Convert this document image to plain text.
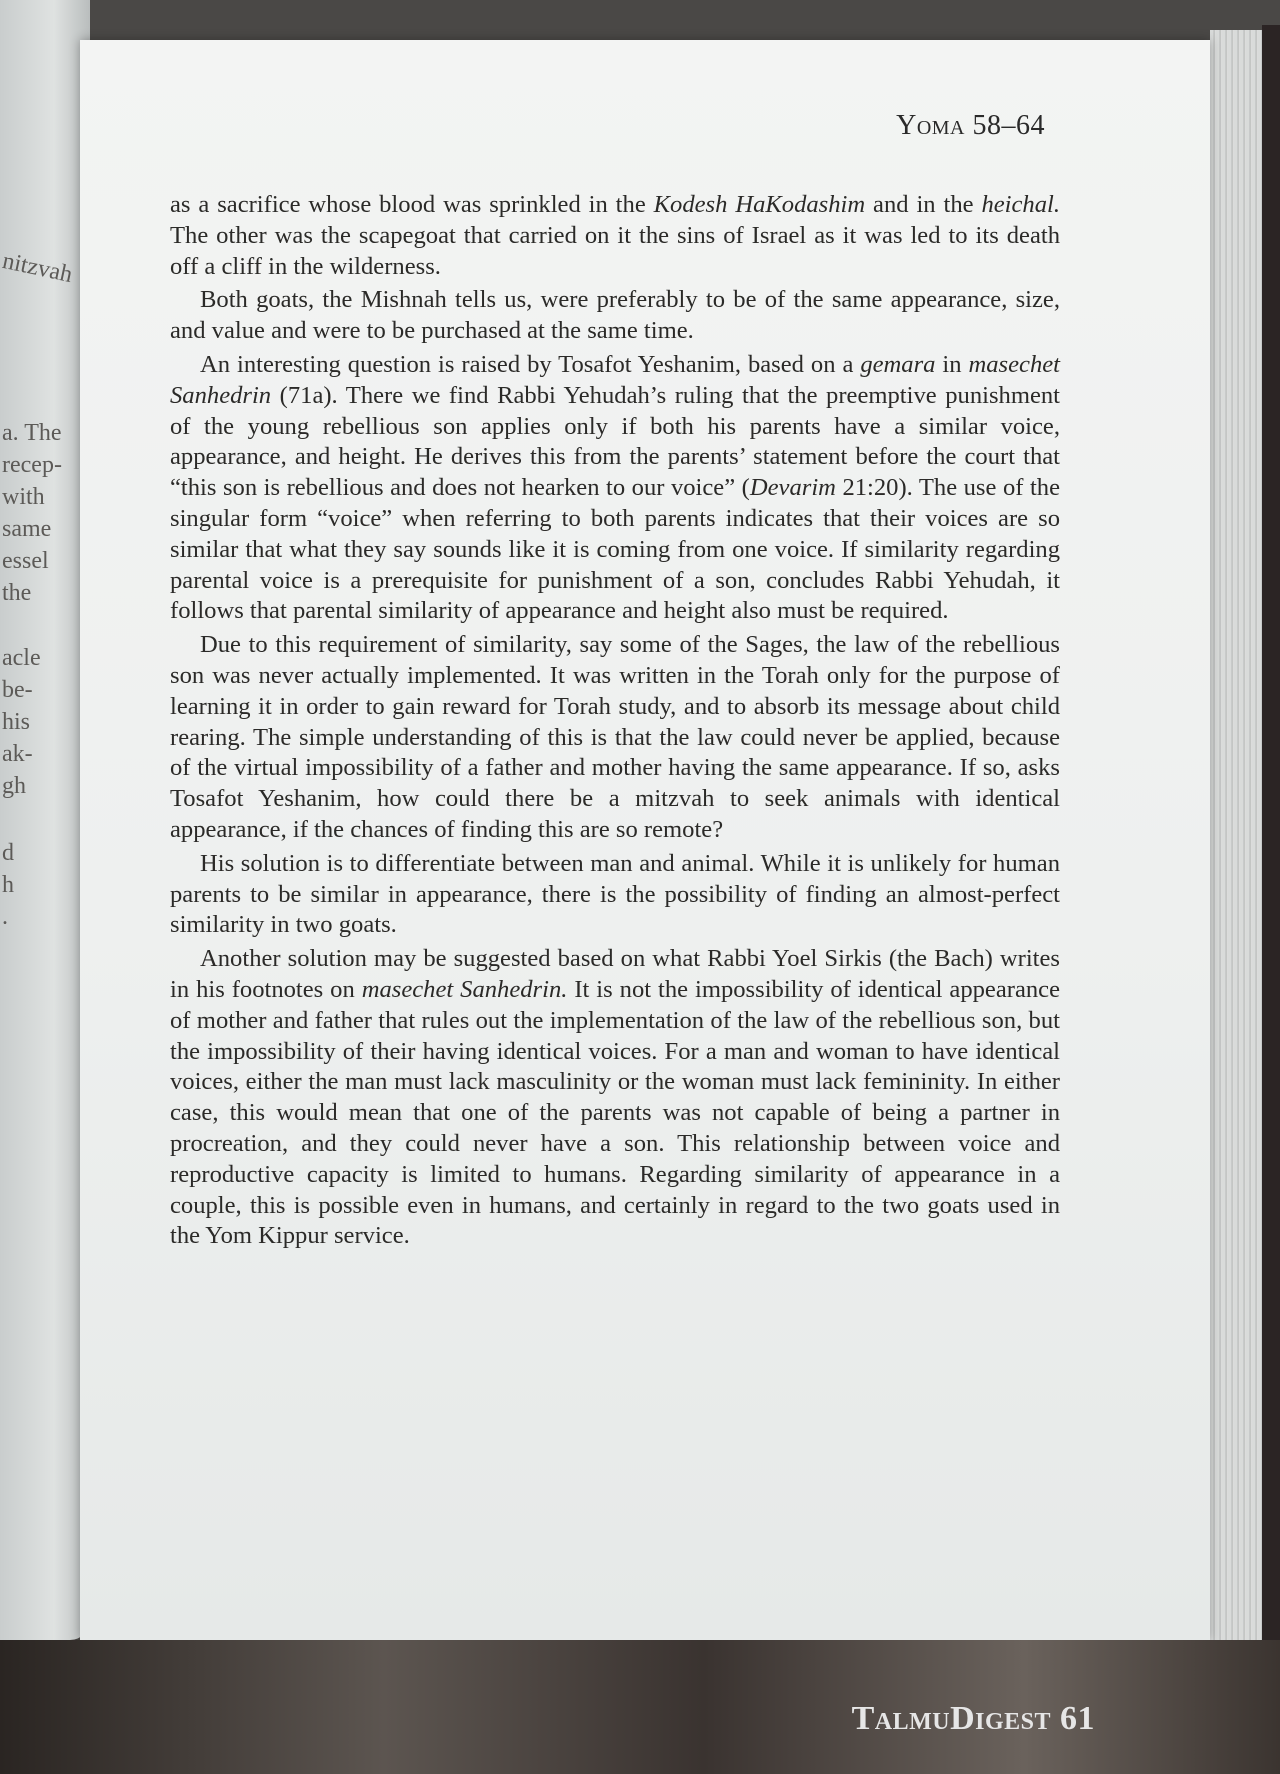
nitzvah
a. The
recep-
with
same
essel
the
acle
be-
his
ak-
gh
d
h
.
Yoma 58–64

as a sacrifice whose blood was sprinkled in the Kodesh HaKodashim and in the heichal. The other was the scapegoat that carried on it the sins of Israel as it was led to its death off a cliff in the wilderness.

Both goats, the Mishnah tells us, were preferably to be of the same appearance, size, and value and were to be purchased at the same time.

An interesting question is raised by Tosafot Yeshanim, based on a gemara in masechet Sanhedrin (71a). There we find Rabbi Yehudah’s ruling that the preemptive punishment of the young rebellious son applies only if both his parents have a similar voice, appearance, and height. He derives this from the parents’ statement before the court that “this son is rebellious and does not hearken to our voice” (Devarim 21:20). The use of the singular form “voice” when referring to both parents indicates that their voices are so similar that what they say sounds like it is coming from one voice. If similarity regarding parental voice is a prerequisite for punishment of a son, concludes Rabbi Yehudah, it follows that parental similarity of appearance and height also must be required.

Due to this requirement of similarity, say some of the Sages, the law of the rebellious son was never actually implemented. It was written in the Torah only for the purpose of learning it in order to gain reward for Torah study, and to absorb its message about child rearing. The simple understanding of this is that the law could never be applied, because of the virtual impossibility of a father and mother having the same appearance. If so, asks Tosafot Yeshanim, how could there be a mitzvah to seek animals with identical appearance, if the chances of finding this are so remote?

His solution is to differentiate between man and animal. While it is unlikely for human parents to be similar in appearance, there is the possibility of finding an almost-perfect similarity in two goats.

Another solution may be suggested based on what Rabbi Yoel Sirkis (the Bach) writes in his footnotes on masechet Sanhedrin. It is not the impossibility of identical appearance of mother and father that rules out the implementation of the law of the rebellious son, but the impossibility of their having identical voices. For a man and woman to have identical voices, either the man must lack masculinity or the woman must lack femininity. In either case, this would mean that one of the parents was not capable of being a partner in procreation, and they could never have a son. This relationship between voice and reproductive capacity is limited to humans. Regarding similarity of appearance in a couple, this is possible even in humans, and certainly in regard to the two goats used in the Yom Kippur service.

TalmuDigest 61
